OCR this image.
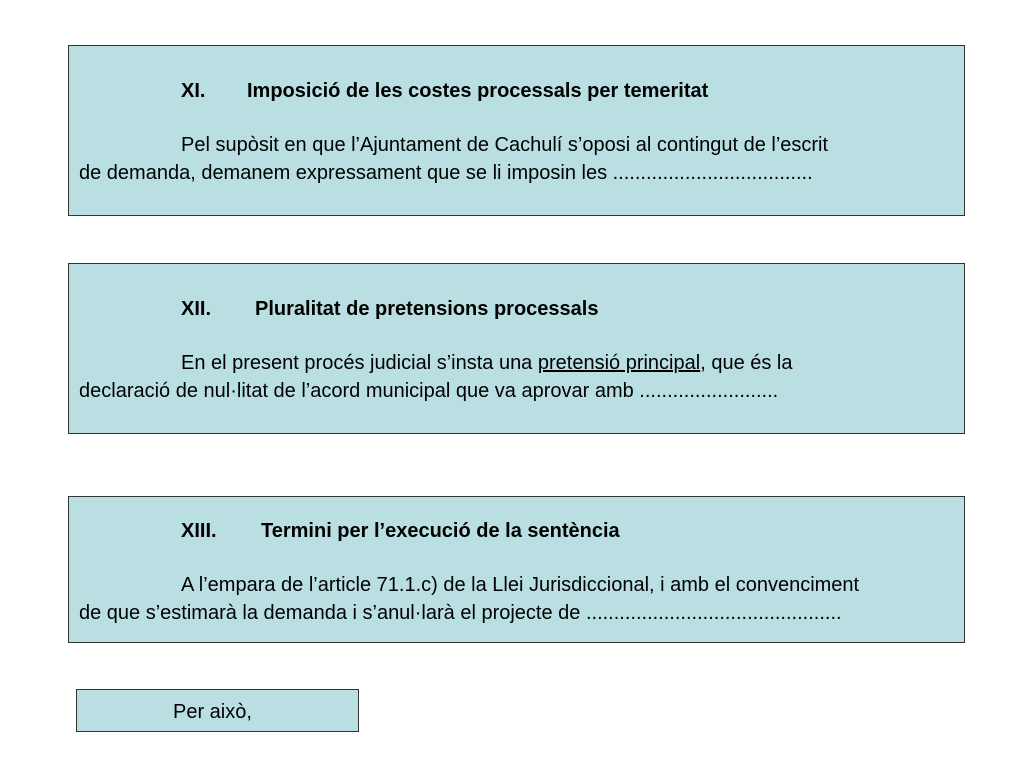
XI. Imposició de les costes processals per temeritat
Pel supòsit en que l’Ajuntament de Cachulí s’oposi al contingut de l’escrit
de demanda, demanem expressament que se li imposin les ....................................
XII. Pluralitat de pretensions processals
En el present procés judicial s’insta una pretensió principal, que és la
declaració de nul·litat de l’acord municipal que va aprovar amb .........................
XIII. Termini per l’execució de la sentència
A l’empara de l’article 71.1.c) de la Llei Jurisdiccional, i amb el convenciment
de que s’estimarà la demanda i s’anul·larà el projecte de ..............................................
Per això,
